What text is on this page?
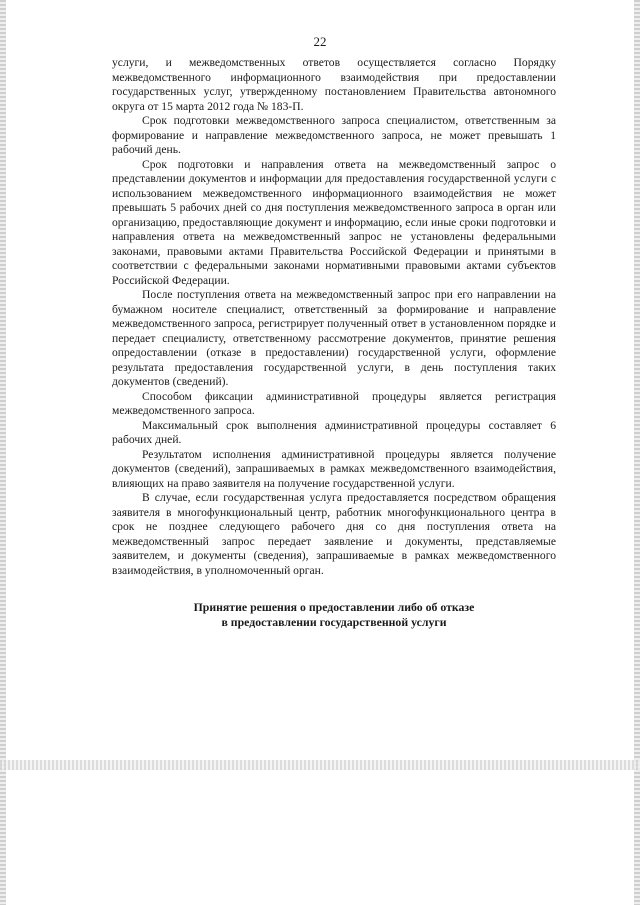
22

услуги, и межведомственных ответов осуществляется согласно Порядку межведомственного информационного взаимодействия при предоставлении государственных услуг, утвержденному постановлением Правительства автономного округа от 15 марта 2012 года № 183-П.

Срок подготовки межведомственного запроса специалистом, ответственным за формирование и направление межведомственного запроса, не может превышать 1 рабочий день.

Срок подготовки и направления ответа на межведомственный запрос о представлении документов и информации для предоставления государственной услуги с использованием межведомственного информационного взаимодействия не может превышать 5 рабочих дней со дня поступления межведомственного запроса в орган или организацию, предоставляющие документ и информацию, если иные сроки подготовки и направления ответа на межведомственный запрос не установлены федеральными законами, правовыми актами Правительства Российской Федерации и принятыми в соответствии с федеральными законами нормативными правовыми актами субъектов Российской Федерации.

После поступления ответа на межведомственный запрос при его направлении на бумажном носителе специалист, ответственный за формирование и направление межведомственного запроса, регистрирует полученный ответ в установленном порядке и передает специалисту, ответственному рассмотрение документов, принятие решения опредоставлении (отказе в предоставлении) государственной услуги, оформление результата предоставления государственной услуги, в день поступления таких документов (сведений).

Способом фиксации административной процедуры является регистрация межведомственного запроса.

Максимальный срок выполнения административной процедуры составляет 6 рабочих дней.

Результатом исполнения административной процедуры является получение документов (сведений), запрашиваемых в рамках межведомственного взаимодействия, влияющих на право заявителя на получение государственной услуги.

В случае, если государственная услуга предоставляется посредством обращения заявителя в многофункциональный центр, работник многофункционального центра в срок не позднее следующего рабочего дня со дня поступления ответа на межведомственный запрос передает заявление и документы, представляемые заявителем, и документы (сведения), запрашиваемые в рамках межведомственного взаимодействия, в уполномоченный орган.

Принятие решения о предоставлении либо об отказе
в предоставлении государственной услуги
